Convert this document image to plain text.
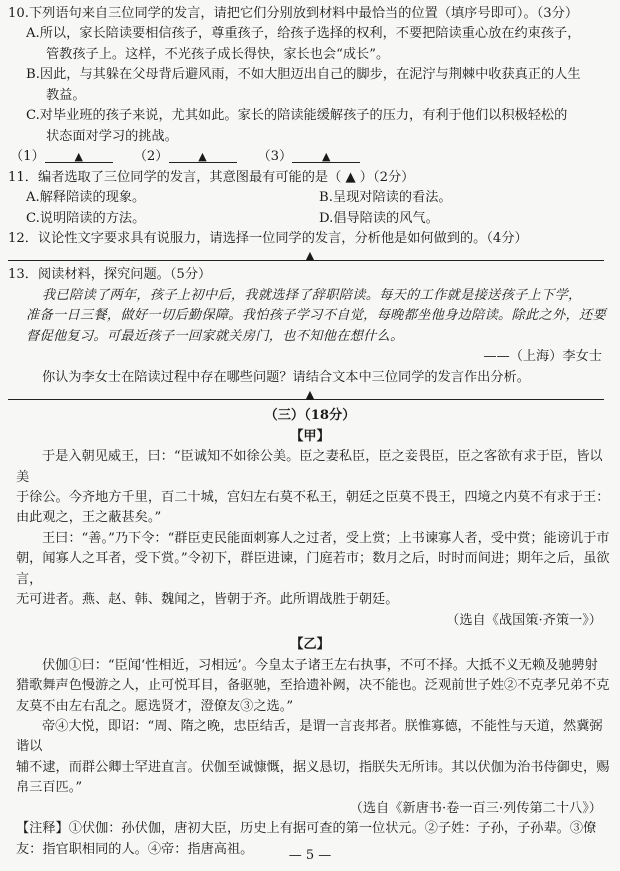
10.下列语句来自三位同学的发言，请把它们分别放到材料中最恰当的位置（填序号即可）。（3分）

A.所以，家长陪读要相信孩子，尊重孩子，给孩子选择的权利，不要把陪读重心放在约束孩子，

管教孩子上。这样，不光孩子成长得快，家长也会“成长”。

B.因此，与其躲在父母背后避风雨，不如大胆迈出自己的脚步，在泥泞与荆棘中收获真正的人生

教益。

C.对毕业班的孩子来说，尤其如此。家长的陪读能缓解孩子的压力，有利于他们以积极轻松的

状态面对学习的挑战。

（1）	▲	（2）	▲	（3）	▲

11．编者选取了三位同学的发言，其意图最有可能的是（ ▲ ）（2分）

A.解释陪读的现象。	B.呈现对陪读的看法。
C.说明陪读的方法。	D.倡导陪读的风气。

12．议论性文字要求具有说服力，请选择一位同学的发言，分析他是如何做到的。（4分）

▲

13．阅读材料，探究问题。（5分）

我已陪读了两年，孩子上初中后，我就选择了辞职陪读。每天的工作就是接送孩子上下学，

准备一日三餐，做好一切后勤保障。我怕孩子学习不自觉，每晚都坐他身边陪读。除此之外，还要

督促他复习。可最近孩子一回家就关房门，也不知他在想什么。

——（上海）李女士

你认为李女士在陪读过程中存在哪些问题？请结合文本中三位同学的发言作出分析。

▲

（三）（18分）

【甲】

于是入朝见威王，曰：“臣诚知不如徐公美。臣之妻私臣，臣之妾畏臣，臣之客欲有求于臣，皆以美

于徐公。今齐地方千里，百二十城，宫妇左右莫不私王，朝廷之臣莫不畏王，四境之内莫不有求于王：

由此观之，王之蔽甚矣。”

王曰：“善。”乃下令：“群臣吏民能面刺寡人之过者，受上赏；上书谏寡人者，受中赏；能谤讥于市

朝，闻寡人之耳者，受下赏。”令初下，群臣进谏，门庭若市；数月之后，时时而间进；期年之后，虽欲言，

无可进者。燕、赵、韩、魏闻之，皆朝于齐。此所谓战胜于朝廷。

（选自《战国策·齐策一》）

【乙】

伏伽①曰：“臣闻‘性相近，习相远’。今皇太子诸王左右执事，不可不择。大抵不义无赖及驰骋射

猎歌舞声色慢游之人，止可悦耳目，备驱驰，至拾遗补阙，决不能也。泛观前世子姓②不克孝兄弟不克

友莫不由左右乱之。愿选贤才，澄僚友③之选。”

帝④大悦，即诏：“周、隋之晚，忠臣结舌，是谓一言丧邦者。朕惟寡德，不能性与天道，然冀弼谐以

辅不逮，而群公卿士罕进直言。伏伽至诚慷慨，据义恳切，指朕失无所讳。其以伏伽为治书侍御史，赐

帛三百匹。”

（选自《新唐书·卷一百三·列传第二十八》）

【注释】①伏伽：孙伏伽，唐初大臣，历史上有据可查的第一位状元。②子姓：子孙，子孙辈。③僚

友：指官职相同的人。④帝：指唐高祖。	— 5 —
